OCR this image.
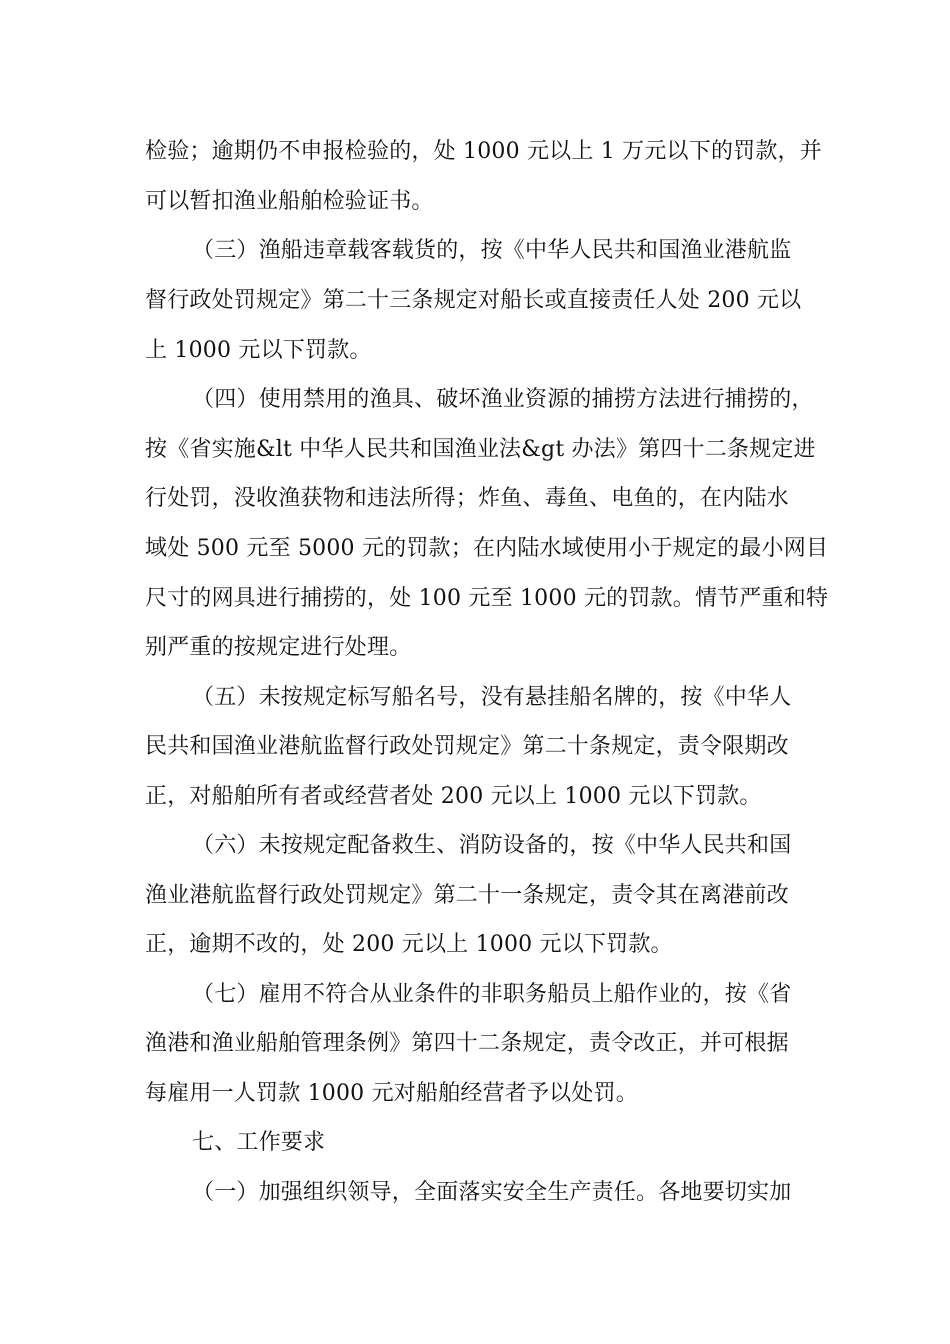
检验；逾期仍不申报检验的，处 1000 元以上 1 万元以下的罚款，并
可以暂扣渔业船舶检验证书。
（三）渔船违章载客载货的，按《中华人民共和国渔业港航监
督行政处罚规定》第二十三条规定对船长或直接责任人处 200 元以
上 1000 元以下罚款。
（四）使用禁用的渔具、破坏渔业资源的捕捞方法进行捕捞的，
按《省实施&lt 中华人民共和国渔业法&gt 办法》第四十二条规定进
行处罚，没收渔获物和违法所得；炸鱼、毒鱼、电鱼的，在内陆水
域处 500 元至 5000 元的罚款；在内陆水域使用小于规定的最小网目
尺寸的网具进行捕捞的，处 100 元至 1000 元的罚款。情节严重和特
别严重的按规定进行处理。
（五）未按规定标写船名号，没有悬挂船名牌的，按《中华人
民共和国渔业港航监督行政处罚规定》第二十条规定，责令限期改
正，对船舶所有者或经营者处 200 元以上 1000 元以下罚款。
（六）未按规定配备救生、消防设备的，按《中华人民共和国
渔业港航监督行政处罚规定》第二十一条规定，责令其在离港前改
正，逾期不改的，处 200 元以上 1000 元以下罚款。
（七）雇用不符合从业条件的非职务船员上船作业的，按《省
渔港和渔业船舶管理条例》第四十二条规定，责令改正，并可根据
每雇用一人罚款 1000 元对船舶经营者予以处罚。
七、工作要求
（一）加强组织领导，全面落实安全生产责任。各地要切实加
